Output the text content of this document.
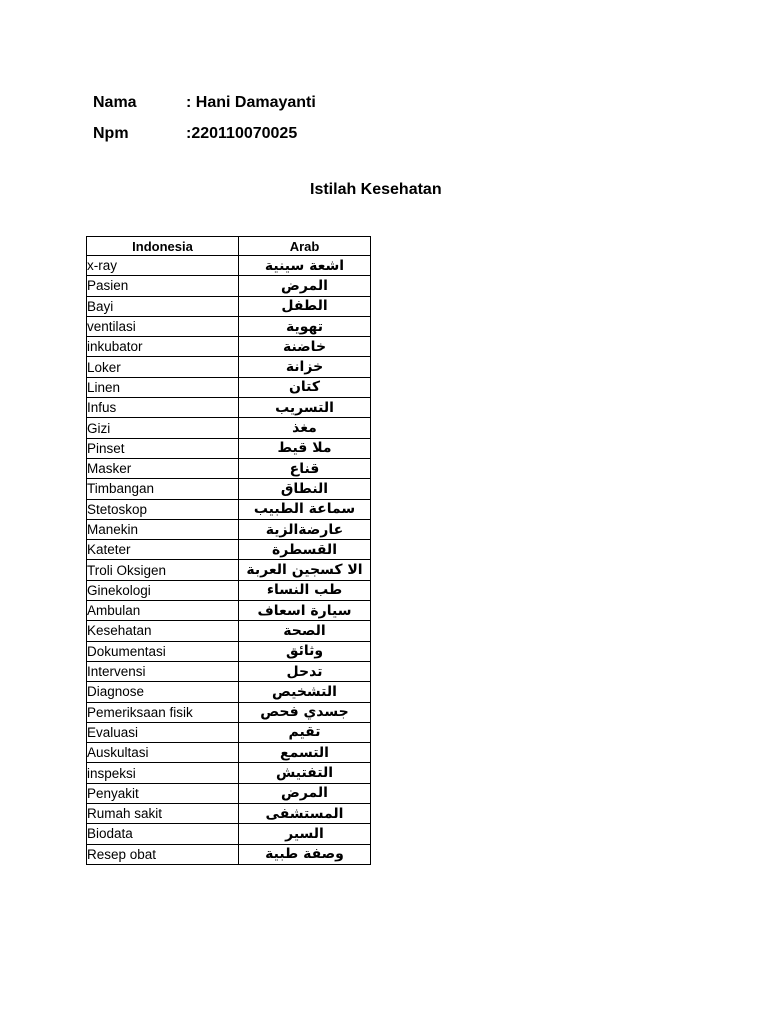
Nama	: Hani Damayanti
Npm	:220110070025
Istilah Kesehatan
Indonesia	Arab
x-ray	اشعة سينية
Pasien	المرض
Bayi	الطفل
ventilasi	تهوية
inkubator	خاضنة
Loker	خزانة
Linen	كتان
Infus	التسريب
Gizi	مغذ
Pinset	ملا قيط
Masker	قناع
Timbangan	النطاق
Stetoskop	سماعة الطبيب
Manekin	عارضةالزية
Kateter	القسطرة
Troli Oksigen	الا كسجين العربة
Ginekologi	طب النساء
Ambulan	سيارة اسعاف
Kesehatan	الصحة
Dokumentasi	وثائق
Intervensi	تدحل
Diagnose	التشخيص
Pemeriksaan fisik	جسدي فحص
Evaluasi	تقيم
Auskultasi	التسمع
inspeksi	التفتيش
Penyakit	المرض
Rumah sakit	المستشفى
Biodata	السير
Resep obat	وصفة طبية
